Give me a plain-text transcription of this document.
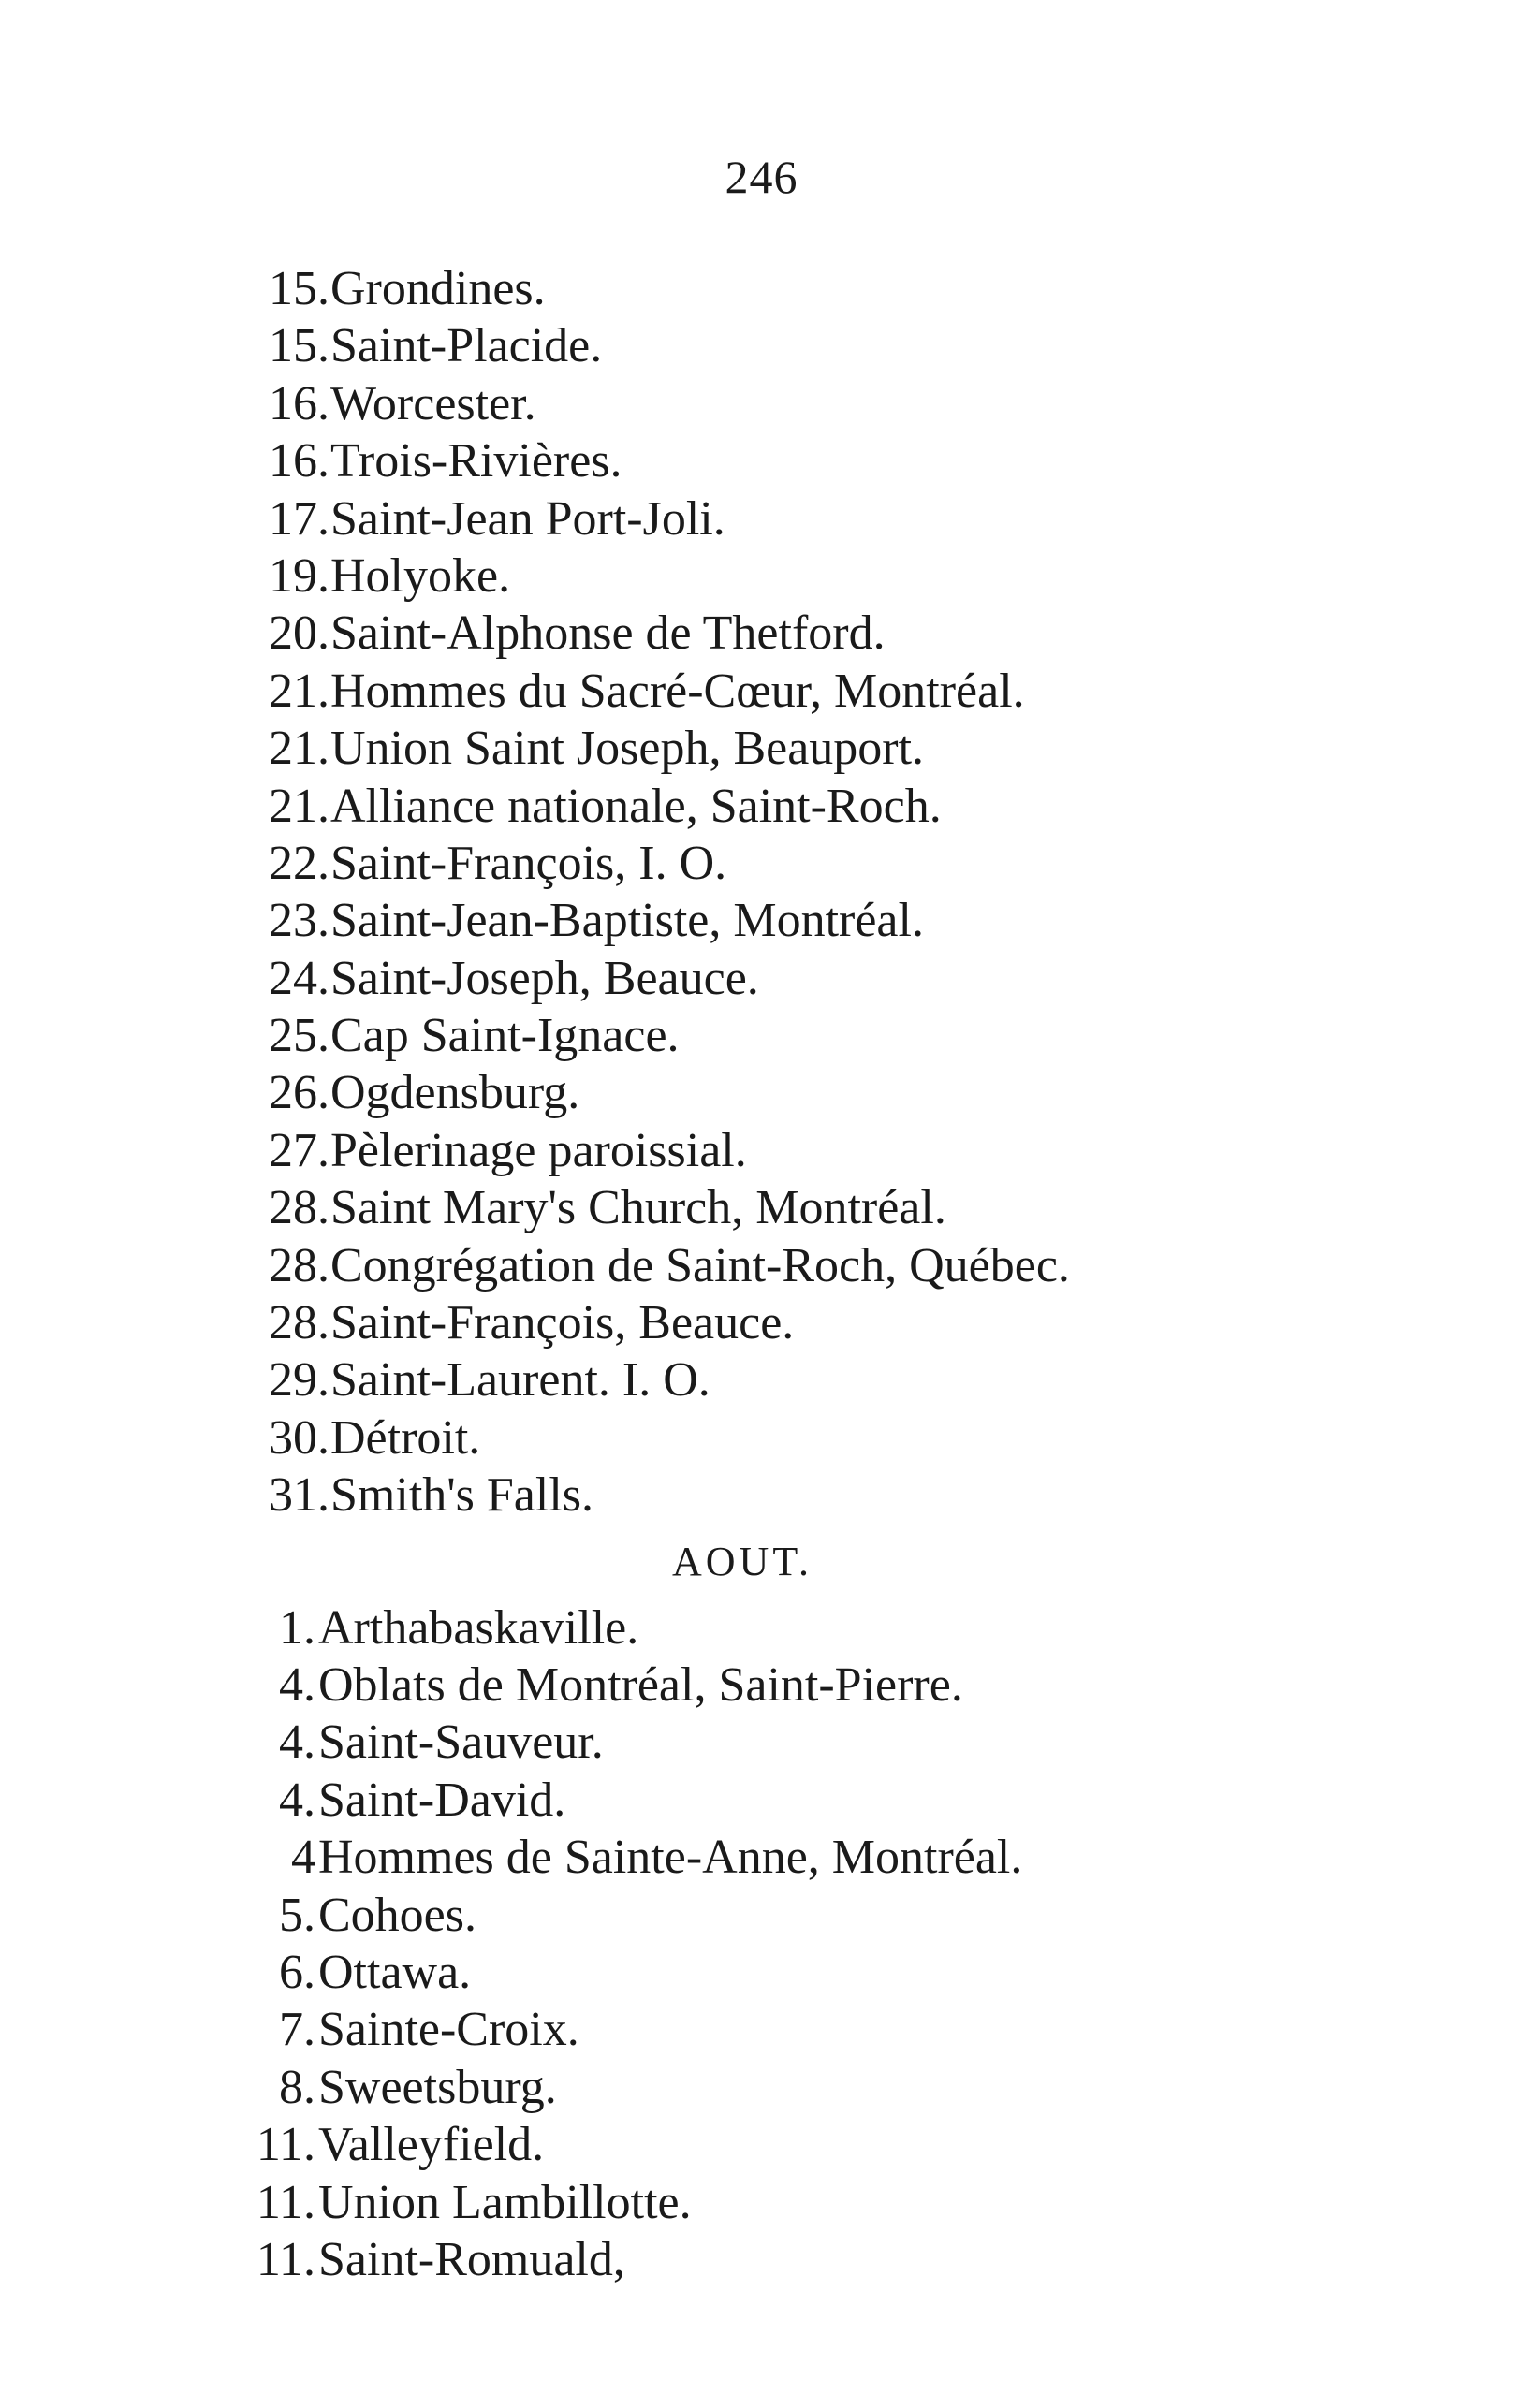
246
15. Grondines.
15. Saint-Placide.
16. Worcester.
16. Trois-Rivières.
17. Saint-Jean Port-Joli.
19. Holyoke.
20. Saint-Alphonse de Thetford.
21. Hommes du Sacré-Cœur, Montréal.
21. Union Saint Joseph, Beauport.
21. Alliance nationale, Saint-Roch.
22. Saint-François, I. O.
23. Saint-Jean-Baptiste, Montréal.
24. Saint-Joseph, Beauce.
25. Cap Saint-Ignace.
26. Ogdensburg.
27. Pèlerinage paroissial.
28. Saint Mary's Church, Montréal.
28. Congrégation de Saint-Roch, Québec.
28. Saint-François, Beauce.
29. Saint-Laurent. I. O.
30. Détroit.
31. Smith's Falls.
AOUT.
1. Arthabaskaville.
4. Oblats de Montréal, Saint-Pierre.
4. Saint-Sauveur.
4. Saint-David.
4 Hommes de Sainte-Anne, Montréal.
5. Cohoes.
6. Ottawa.
7. Sainte-Croix.
8. Sweetsburg.
11. Valleyfield.
11. Union Lambillotte.
11. Saint-Romuald,
